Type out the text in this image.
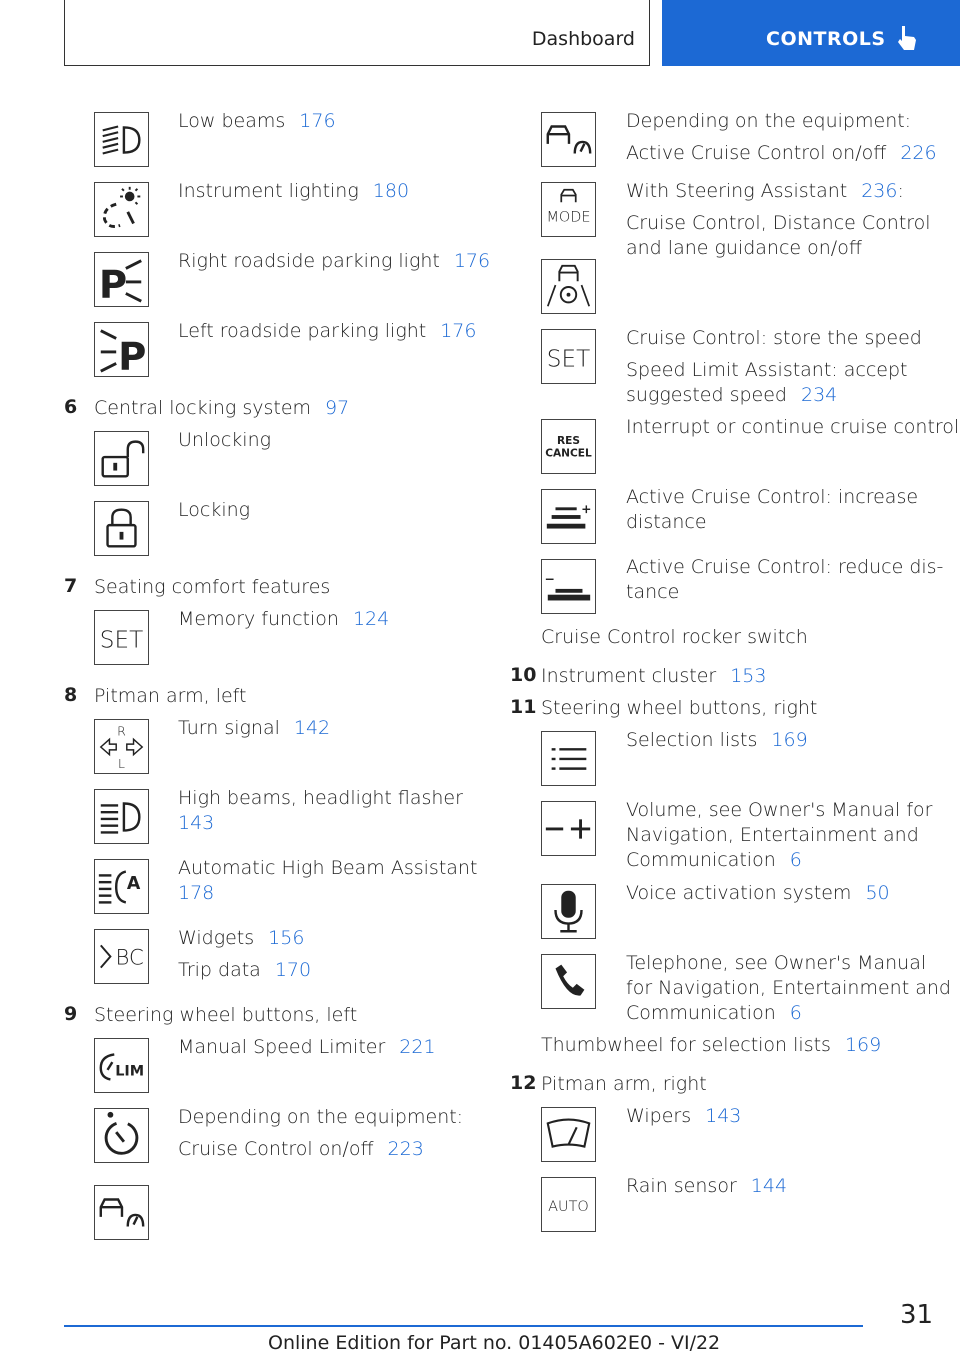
Dashboard	CONTROLS
Low beams 176
Instrument lighting 180
P
Right roadside parking light 176
P
Left roadside parking light 176
6 Central locking system 97
Unlocking
Locking
7 Seating comfort features
SET
Memory function 124
8 Pitman arm, left
R
L
Turn signal 142
High beams, headlight flasher
143
A
Automatic High Beam Assistant
178
BC
Widgets 156
Trip data 170
9 Steering wheel buttons, left
LIM
Manual Speed Limiter 221
Depending on the equipment:
Cruise Control on/off 223
Depending on the equipment:
Active Cruise Control on/off 226
MODE
With Steering Assistant 236:
Cruise Control, Distance Control
and lane guidance on/off
SET
Cruise Control: store the speed
Speed Limit Assistant: accept
suggested speed 234
RES
CANCEL
Interrupt or continue cruise control
Active Cruise Control: increase
distance
Active Cruise Control: reduce dis-
tance
Cruise Control rocker switch
10 Instrument cluster 153
11 Steering wheel buttons, right
Selection lists 169
Volume, see Owner's Manual for
Navigation, Entertainment and
Communication 6
Voice activation system 50
Telephone, see Owner's Manual
for Navigation, Entertainment and
Communication 6
Thumbwheel for selection lists 169
12 Pitman arm, right
Wipers 143
AUTO
Rain sensor 144
31
Online Edition for Part no. 01405A602E0 - VI/22
